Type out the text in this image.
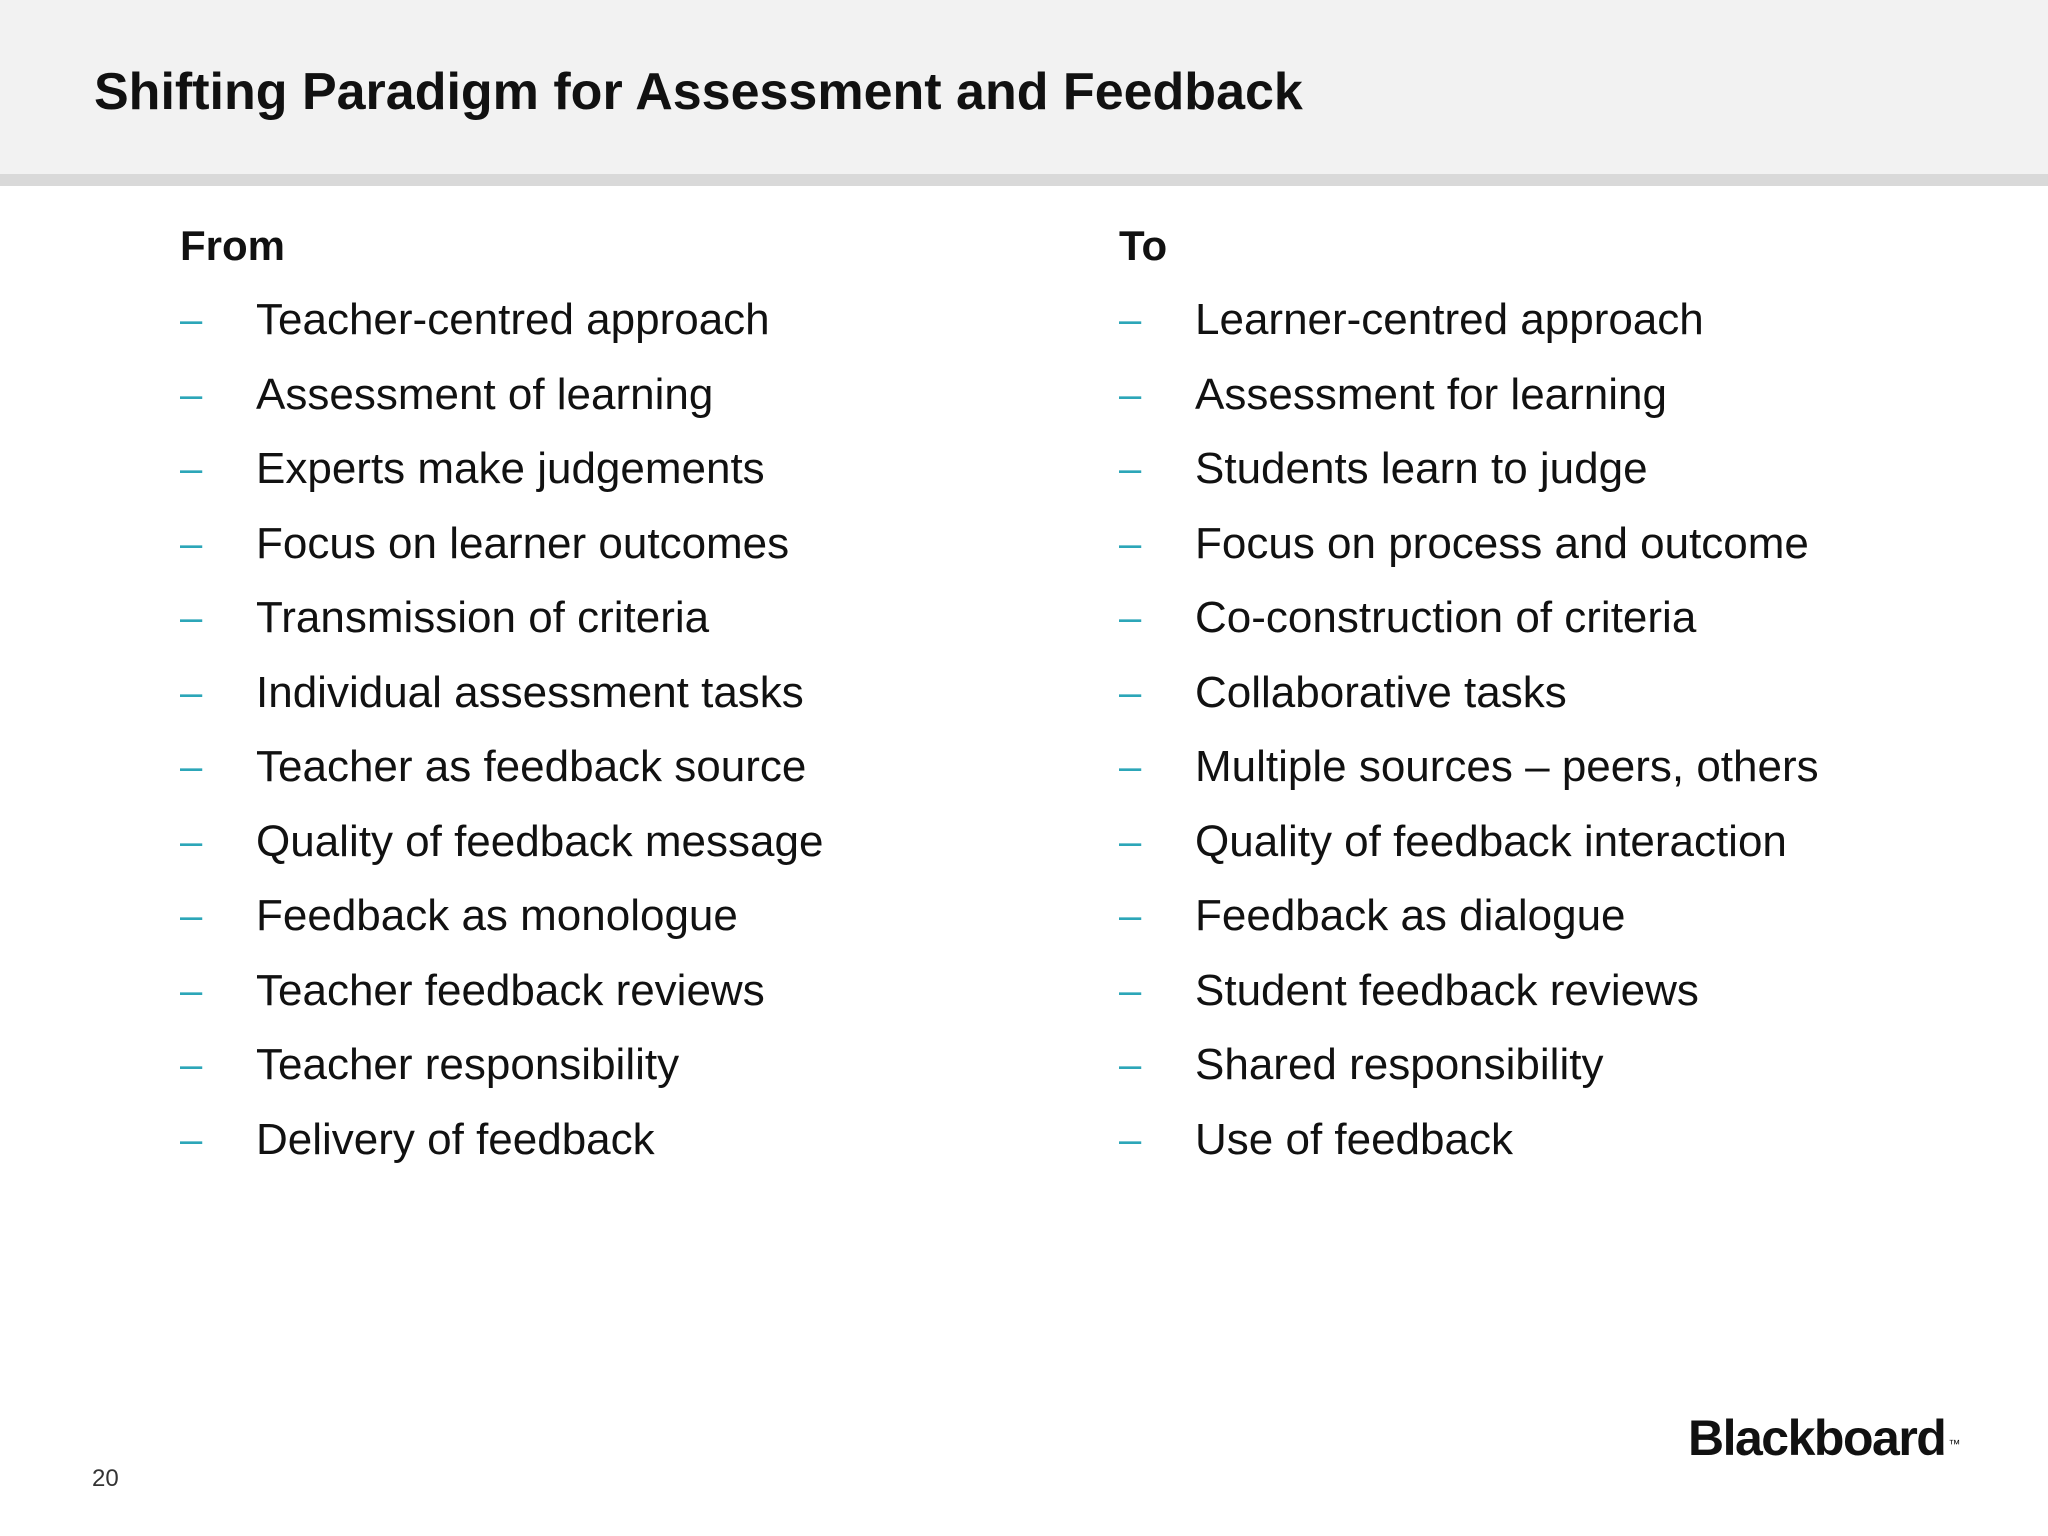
Shifting Paradigm for Assessment and Feedback
From
– Teacher-centred approach
– Assessment of learning
– Experts make judgements
– Focus on learner outcomes
– Transmission of criteria
– Individual assessment tasks
– Teacher as feedback source
– Quality of feedback message
– Feedback as monologue
– Teacher feedback reviews
– Teacher responsibility
– Delivery of feedback
To
– Learner-centred approach
– Assessment for learning
– Students learn to judge
– Focus on process and outcome
– Co-construction of criteria
– Collaborative tasks
– Multiple sources – peers, others
– Quality of feedback interaction
– Feedback as dialogue
– Student feedback reviews
– Shared responsibility
– Use of feedback
20
Blackboard ™
